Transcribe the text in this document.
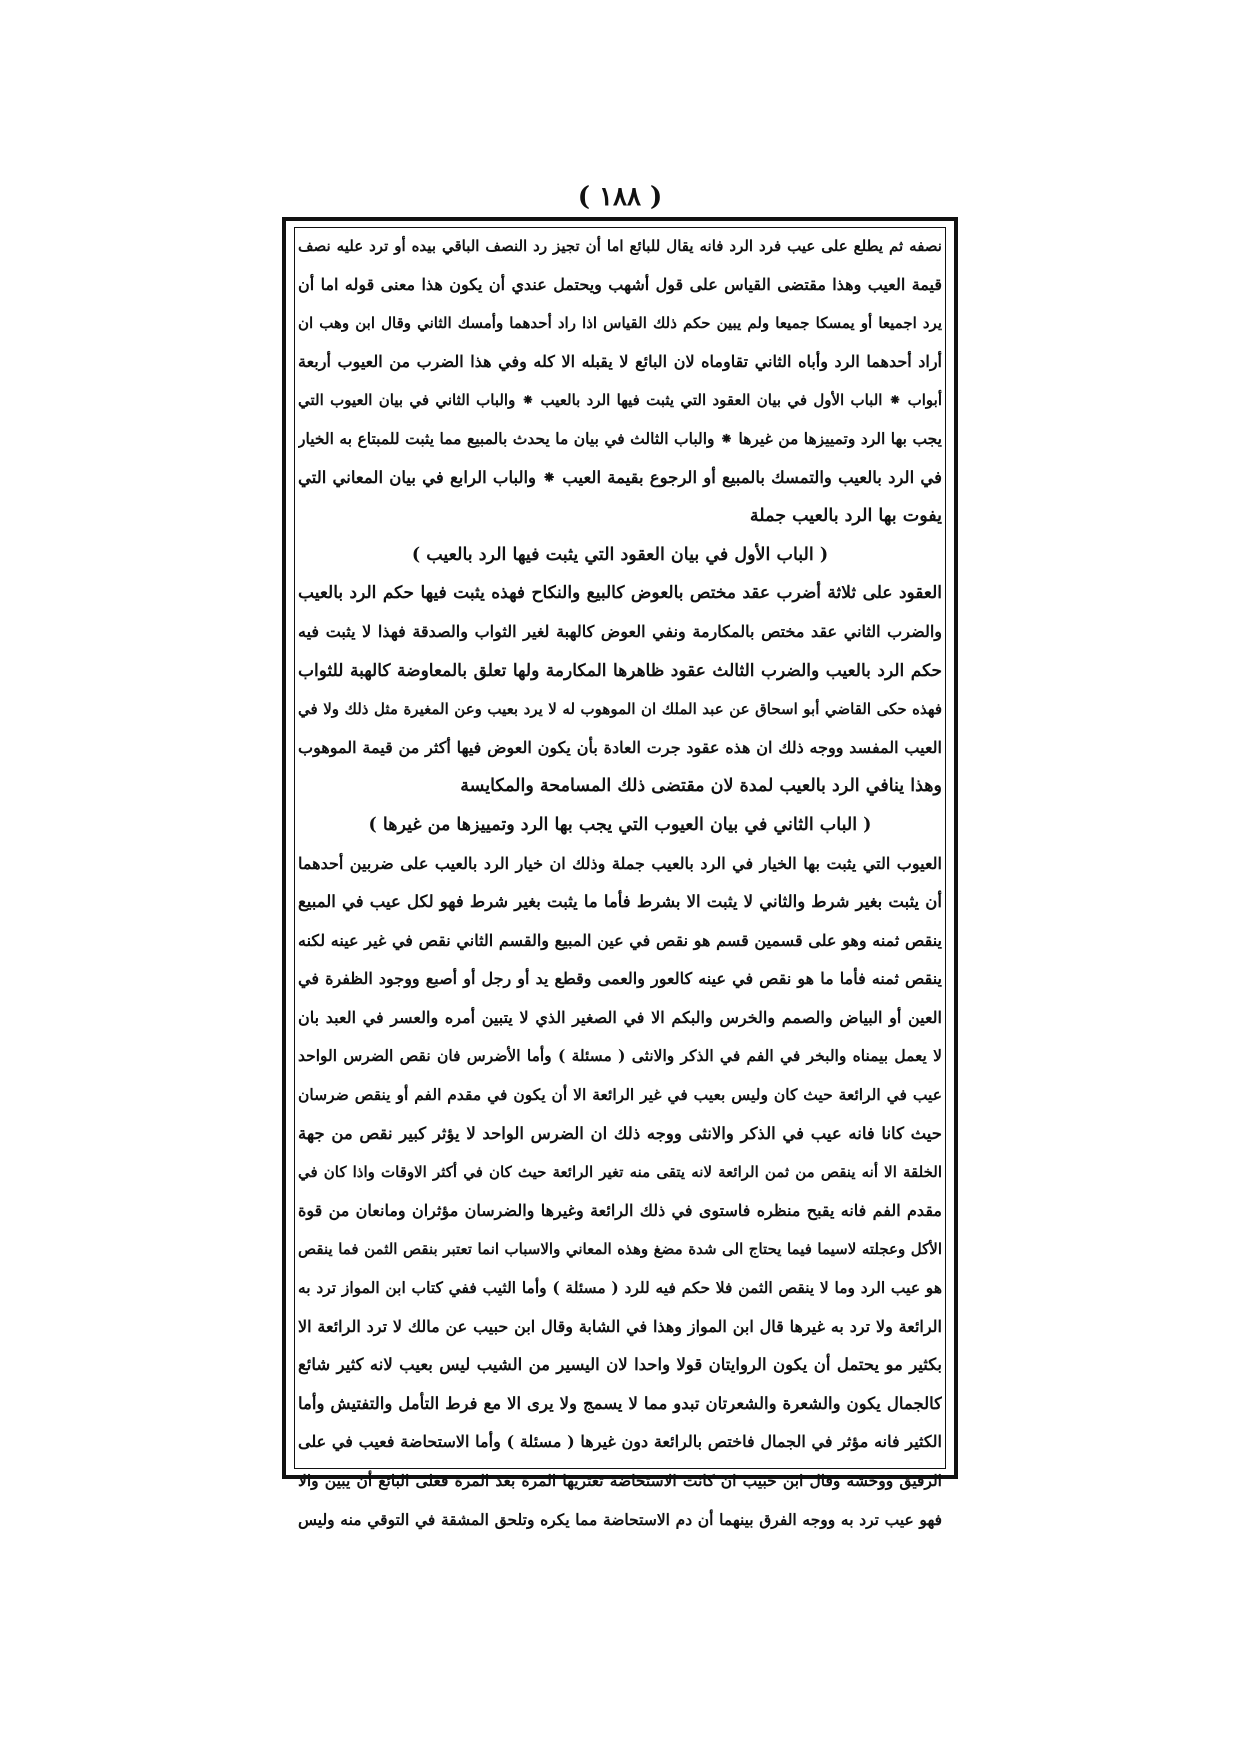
( ١٨٨ )
نصفه ثم يطلع على عيب فرد الرد فانه يقال للبائع اما أن تجيز رد النصف الباقي بيده أو ترد عليه نصف
قيمة العيب وهذا مقتضى القياس على قول أشهب ويحتمل عندي أن يكون هذا معنى قوله اما أن
يرد اجميعا أو يمسكا جميعا ولم يبين حكم ذلك القياس اذا راد أحدهما وأمسك الثاني وقال ابن وهب ان
أراد أحدهما الرد وأباه الثاني تقاوماه لان البائع لا يقبله الا كله وفي هذا الضرب من العيوب أربعة
أبواب ⁕ الباب الأول في بيان العقود التي يثبت فيها الرد بالعيب ⁕ والباب الثاني في بيان العيوب التي
يجب بها الرد وتمييزها من غيرها ⁕ والباب الثالث في بيان ما يحدث بالمبيع مما يثبت للمبتاع به الخيار
في الرد بالعيب والتمسك بالمبيع أو الرجوع بقيمة العيب ⁕ والباب الرابع في بيان المعاني التي
يفوت بها الرد بالعيب جملة
( الباب الأول في بيان العقود التي يثبت فيها الرد بالعيب )
العقود على ثلاثة أضرب عقد مختص بالعوض كالبيع والنكاح فهذه يثبت فيها حكم الرد بالعيب
والضرب الثاني عقد مختص بالمكارمة ونفي العوض كالهبة لغير الثواب والصدقة فهذا لا يثبت فيه
حكم الرد بالعيب والضرب الثالث عقود ظاهرها المكارمة ولها تعلق بالمعاوضة كالهبة للثواب
فهذه حكى القاضي أبو اسحاق عن عبد الملك ان الموهوب له لا يرد بعيب وعن المغيرة مثل ذلك ولا في
العيب المفسد ووجه ذلك ان هذه عقود جرت العادة بأن يكون العوض فيها أكثر من قيمة الموهوب
وهذا ينافي الرد بالعيب لمدة لان مقتضى ذلك المسامحة والمكايسة
( الباب الثاني في بيان العيوب التي يجب بها الرد وتمييزها من غيرها )
العيوب التي يثبت بها الخيار في الرد بالعيب جملة وذلك ان خيار الرد بالعيب على ضربين أحدهما
أن يثبت بغير شرط والثاني لا يثبت الا بشرط فأما ما يثبت بغير شرط فهو لكل عيب في المبيع
ينقص ثمنه وهو على قسمين قسم هو نقص في عين المبيع والقسم الثاني نقص في غير عينه لكنه
ينقص ثمنه فأما ما هو نقص في عينه كالعور والعمى وقطع يد أو رجل أو أصبع ووجود الظفرة في
العين أو البياض والصمم والخرس والبكم الا في الصغير الذي لا يتبين أمره والعسر في العبد بان
لا يعمل بيمناه والبخر في الفم في الذكر والانثى ( مسئلة ) وأما الأضرس فان نقص الضرس الواحد
عيب في الرائعة حيث كان وليس بعيب في غير الرائعة الا أن يكون في مقدم الفم أو ينقص ضرسان
حيث كانا فانه عيب في الذكر والانثى ووجه ذلك ان الضرس الواحد لا يؤثر كبير نقص من جهة
الخلقة الا أنه ينقص من ثمن الرائعة لانه يتقى منه تغير الرائعة حيث كان في أكثر الاوقات واذا كان في
مقدم الفم فانه يقبح منظره فاستوى في ذلك الرائعة وغيرها والضرسان مؤثران ومانعان من قوة
الأكل وعجلته لاسيما فيما يحتاج الى شدة مضغ وهذه المعاني والاسباب انما تعتبر بنقص الثمن فما ينقص
هو عيب الرد وما لا ينقص الثمن فلا حكم فيه للرد ( مسئلة ) وأما الثيب ففي كتاب ابن المواز ترد به
الرائعة ولا ترد به غيرها قال ابن المواز وهذا في الشابة وقال ابن حبيب عن مالك لا ترد الرائعة الا
بكثير مو يحتمل أن يكون الروايتان قولا واحدا لان اليسير من الشيب ليس بعيب لانه كثير شائع
كالجمال يكون والشعرة والشعرتان تبدو مما لا يسمج ولا يرى الا مع فرط التأمل والتفتيش وأما
الكثير فانه مؤثر في الجمال فاختص بالرائعة دون غيرها ( مسئلة ) وأما الاستحاضة فعيب في على
الرقيق ووخشه وقال ابن حبيب ان كانت الاستحاضة تعتريها المرة بعد المرة فعلى البائع أن يبين والا
فهو عيب ترد به ووجه الفرق بينهما أن دم الاستحاضة مما يكره وتلحق المشقة في التوقي منه وليس
